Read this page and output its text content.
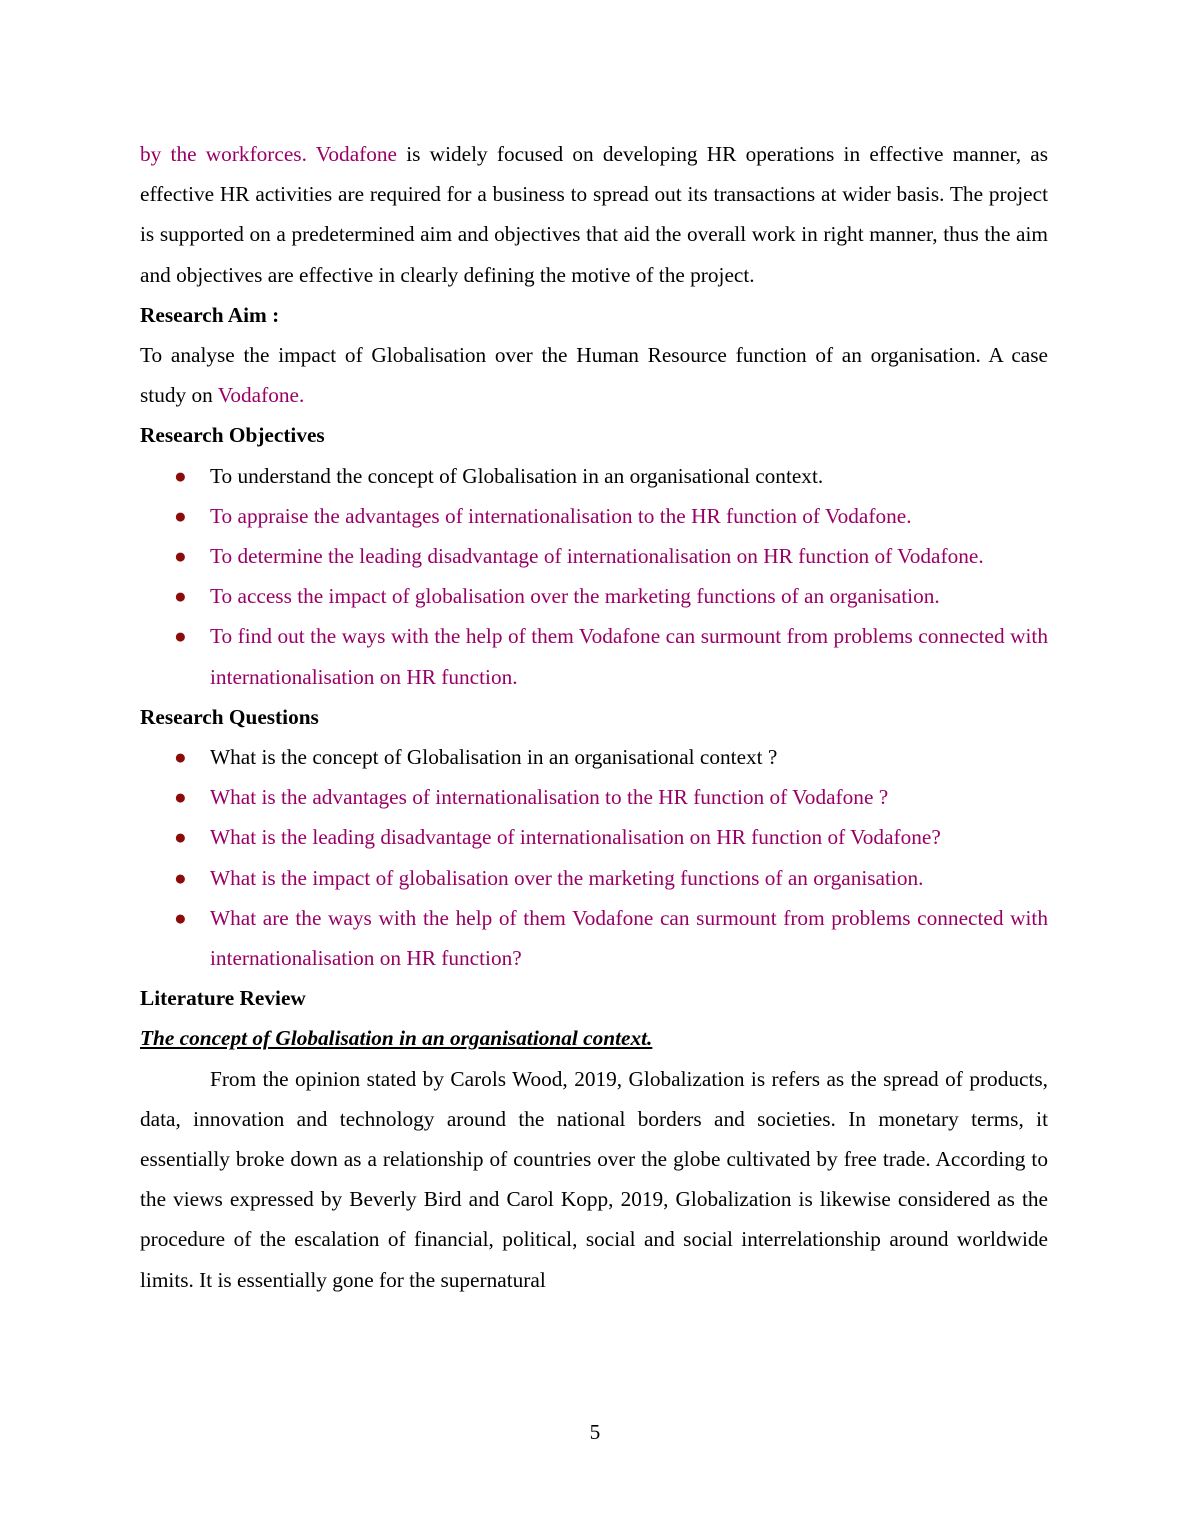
by the workforces. Vodafone is widely focused on developing HR operations in effective manner, as effective HR activities are required for a business to spread out its transactions at wider basis. The project is supported on a predetermined aim and objectives that aid the overall work in right manner, thus the aim and objectives are effective in clearly defining the motive of the project.

Research Aim :

To analyse the impact of Globalisation over the Human Resource function of an organisation. A case study on Vodafone.

Research Objectives
● To understand the concept of Globalisation in an organisational context.
● To appraise the advantages of internationalisation to the HR function of Vodafone.
● To determine the leading disadvantage of internationalisation on HR function of Vodafone.
● To access the impact of globalisation over the marketing functions of an organisation.
● To find out the ways with the help of them Vodafone can surmount from problems connected with internationalisation on HR function.
Research Questions
● What is the concept of Globalisation in an organisational context ?
● What is the advantages of internationalisation to the HR function of Vodafone ?
● What is the leading disadvantage of internationalisation on HR function of Vodafone?
● What is the impact of globalisation over the marketing functions of an organisation.
● What are the ways with the help of them Vodafone can surmount from problems connected with internationalisation on HR function?
Literature Review

The concept of Globalisation in an organisational context.

From the opinion stated by Carols Wood, 2019, Globalization is refers as the spread of products, data, innovation and technology around the national borders and societies. In monetary terms, it essentially broke down as a relationship of countries over the globe cultivated by free trade. According to the views expressed by Beverly Bird and Carol Kopp, 2019, Globalization is likewise considered as the procedure of the escalation of financial, political, social and social interrelationship around worldwide limits. It is essentially gone for the supernatural

5
